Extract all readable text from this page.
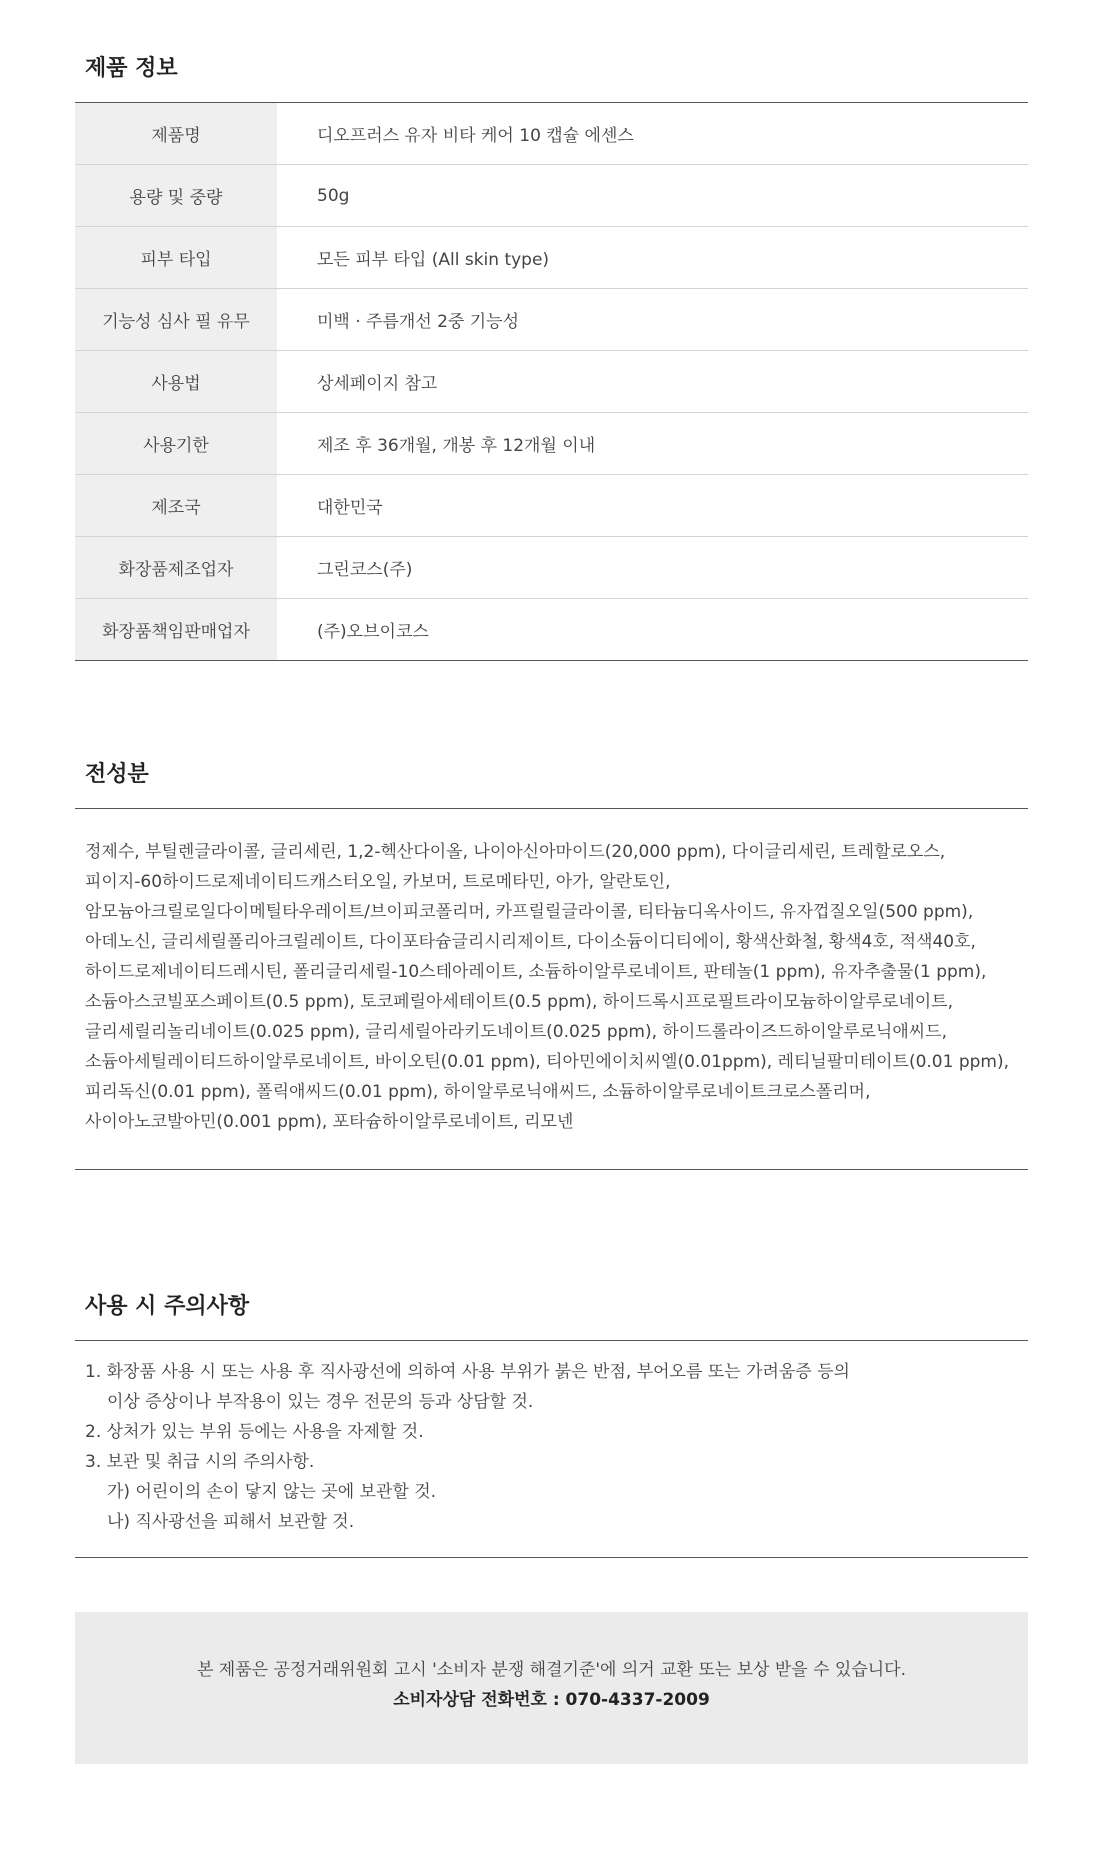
제품 정보
제품명	디오프러스 유자 비타 케어 10 캡슐 에센스
용량 및 중량	50g
피부 타입	모든 피부 타입 (All skin type)
기능성 심사 필 유무	미백 · 주름개선 2중 기능성
사용법	상세페이지 참고
사용기한	제조 후 36개월, 개봉 후 12개월 이내
제조국	대한민국
화장품제조업자	그린코스(주)
화장품책임판매업자	(주)오브이코스
전성분
정제수, 부틸렌글라이콜, 글리세린, 1,2-헥산다이올, 나이아신아마이드(20,000 ppm), 다이글리세린, 트레할로오스,
피이지-60하이드로제네이티드캐스터오일, 카보머, 트로메타민, 아가, 알란토인,
암모늄아크릴로일다이메틸타우레이트/브이피코폴리머, 카프릴릴글라이콜, 티타늄디옥사이드, 유자껍질오일(500 ppm),
아데노신, 글리세릴폴리아크릴레이트, 다이포타슘글리시리제이트, 다이소듐이디티에이, 황색산화철, 황색4호, 적색40호,
하이드로제네이티드레시틴, 폴리글리세릴-10스테아레이트, 소듐하이알루로네이트, 판테놀(1 ppm), 유자추출물(1 ppm),
소듐아스코빌포스페이트(0.5 ppm), 토코페릴아세테이트(0.5 ppm), 하이드록시프로필트라이모늄하이알루로네이트,
글리세릴리놀리네이트(0.025 ppm), 글리세릴아라키도네이트(0.025 ppm), 하이드롤라이즈드하이알루로닉애씨드,
소듐아세틸레이티드하이알루로네이트, 바이오틴(0.01 ppm), 티아민에이치씨엘(0.01ppm), 레티닐팔미테이트(0.01 ppm),
피리독신(0.01 ppm), 폴릭애씨드(0.01 ppm), 하이알루로닉애씨드, 소듐하이알루로네이트크로스폴리머,
사이아노코발아민(0.001 ppm), 포타슘하이알루로네이트, 리모넨
사용 시 주의사항
1. 화장품 사용 시 또는 사용 후 직사광선에 의하여 사용 부위가 붉은 반점, 부어오름 또는 가려움증 등의
이상 증상이나 부작용이 있는 경우 전문의 등과 상담할 것.
2. 상처가 있는 부위 등에는 사용을 자제할 것.
3. 보관 및 취급 시의 주의사항.
가) 어린이의 손이 닿지 않는 곳에 보관할 것.
나) 직사광선을 피해서 보관할 것.
본 제품은 공정거래위원회 고시 '소비자 분쟁 해결기준'에 의거 교환 또는 보상 받을 수 있습니다.
소비자상담 전화번호 : 070-4337-2009
